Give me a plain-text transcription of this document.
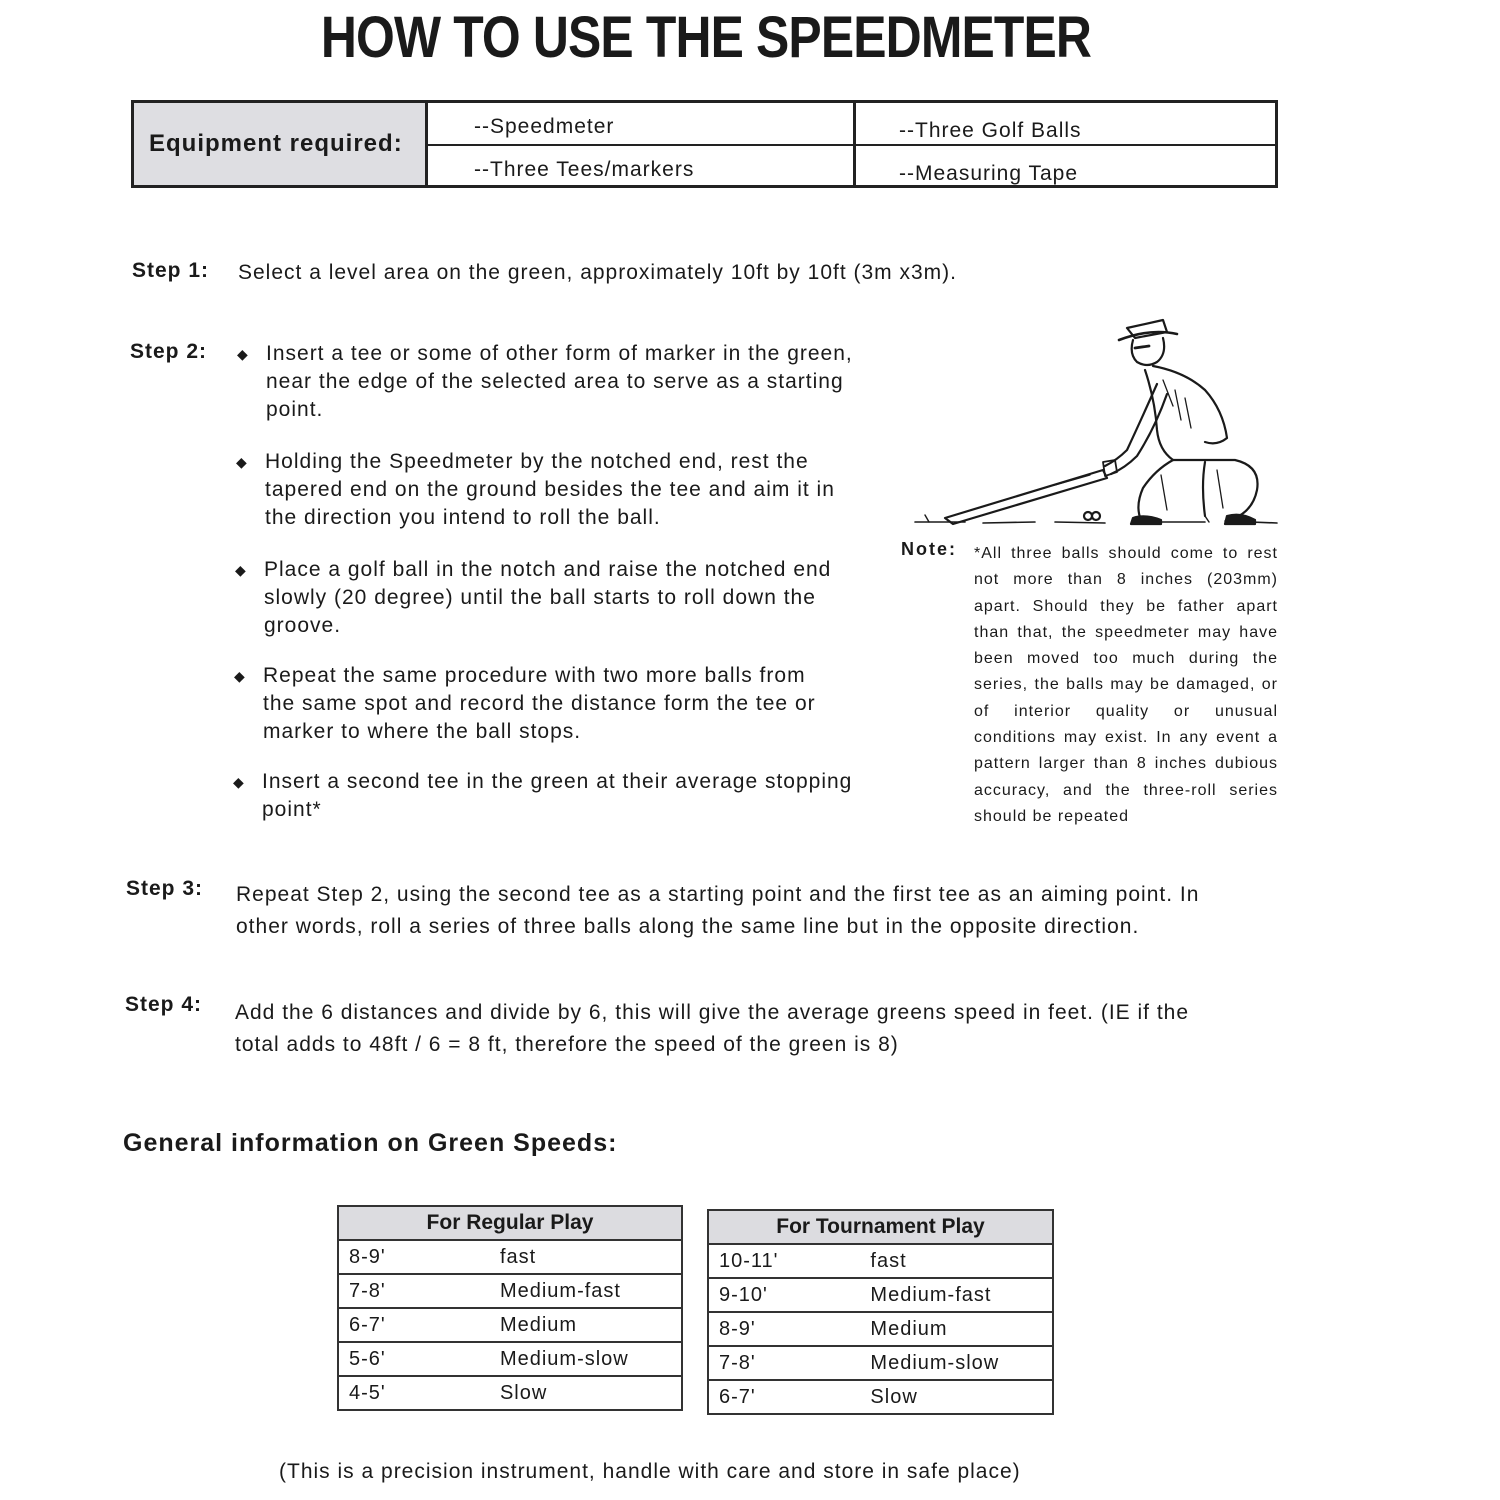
HOW TO USE THE SPEEDMETER
Equipment required:
--Speedmeter	--Three Golf Balls
--Three Tees/markers	--Measuring Tape
Step 1: Select a level area on the green, approximately 10ft by 10ft (3m x3m).
Step 2: ◆ Insert a tee or some of other form of marker in the green,
near the edge of the selected area to serve as a starting
point.
◆ Holding the Speedmeter by the notched end, rest the
tapered end on the ground besides the tee and aim it in
the direction you intend to roll the ball.
◆ Place a golf ball in the notch and raise the notched end
slowly (20 degree) until the ball starts to roll down the
groove.
◆ Repeat the same procedure with two more balls from
the same spot and record the distance form the tee or
marker to where the ball stops.
◆ Insert a second tee in the green at their average stopping
point*
Note: *All three balls should come to rest
not more than 8 inches (203mm)
apart. Should they be father apart
than that, the speedmeter may have
been moved too much during the
series, the balls may be damaged, or
of interior quality or unusual
conditions may exist. In any event a
pattern larger than 8 inches dubious
accuracy, and the three-roll series
should be repeated
Step 3: Repeat Step 2, using the second tee as a starting point and the first tee as an aiming point. In
other words, roll a series of three balls along the same line but in the opposite direction.
Step 4: Add the 6 distances and divide by 6, this will give the average greens speed in feet. (IE if the
total adds to 48ft / 6 = 8 ft, therefore the speed of the green is 8)
General information on Green Speeds:
For Regular Play	
8-9'	fast
7-8'	Medium-fast
6-7'	Medium
5-6'	Medium-slow
4-5'	Slow
For Tournament Play	
10-11'	fast
9-10'	Medium-fast
8-9'	Medium
7-8'	Medium-slow
6-7'	Slow
(This is a precision instrument, handle with care and store in safe place)
